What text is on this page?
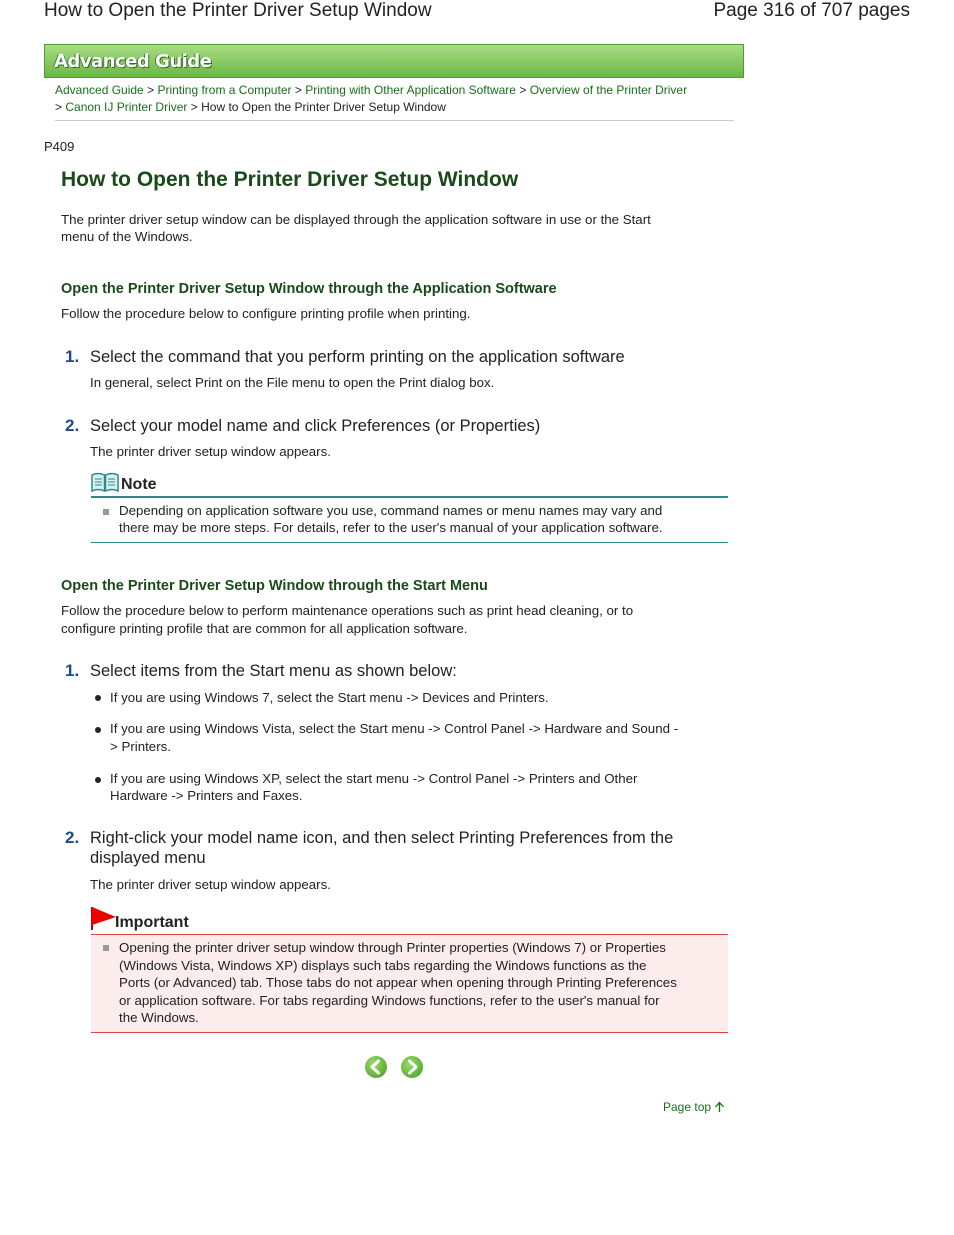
How to Open the Printer Driver Setup Window	Page 316 of 707 pages
Advanced Guide
Advanced Guide > Printing from a Computer > Printing with Other Application Software > Overview of the Printer Driver
> Canon IJ Printer Driver > How to Open the Printer Driver Setup Window
P409
How to Open the Printer Driver Setup Window
The printer driver setup window can be displayed through the application software in use or the Start
menu of the Windows.
Open the Printer Driver Setup Window through the Application Software
Follow the procedure below to configure printing profile when printing.
1. Select the command that you perform printing on the application software
In general, select Print on the File menu to open the Print dialog box.
2. Select your model name and click Preferences (or Properties)
The printer driver setup window appears.
Note
Depending on application software you use, command names or menu names may vary and
there may be more steps. For details, refer to the user's manual of your application software.
Open the Printer Driver Setup Window through the Start Menu
Follow the procedure below to perform maintenance operations such as print head cleaning, or to
configure printing profile that are common for all application software.
1. Select items from the Start menu as shown below:
If you are using Windows 7, select the Start menu -> Devices and Printers.
If you are using Windows Vista, select the Start menu -> Control Panel -> Hardware and Sound -
> Printers.
If you are using Windows XP, select the start menu -> Control Panel -> Printers and Other
Hardware -> Printers and Faxes.
2. Right-click your model name icon, and then select Printing Preferences from the
displayed menu
The printer driver setup window appears.
Important
Opening the printer driver setup window through Printer properties (Windows 7) or Properties
(Windows Vista, Windows XP) displays such tabs regarding the Windows functions as the
Ports (or Advanced) tab. Those tabs do not appear when opening through Printing Preferences
or application software. For tabs regarding Windows functions, refer to the user's manual for
the Windows.
Page top
